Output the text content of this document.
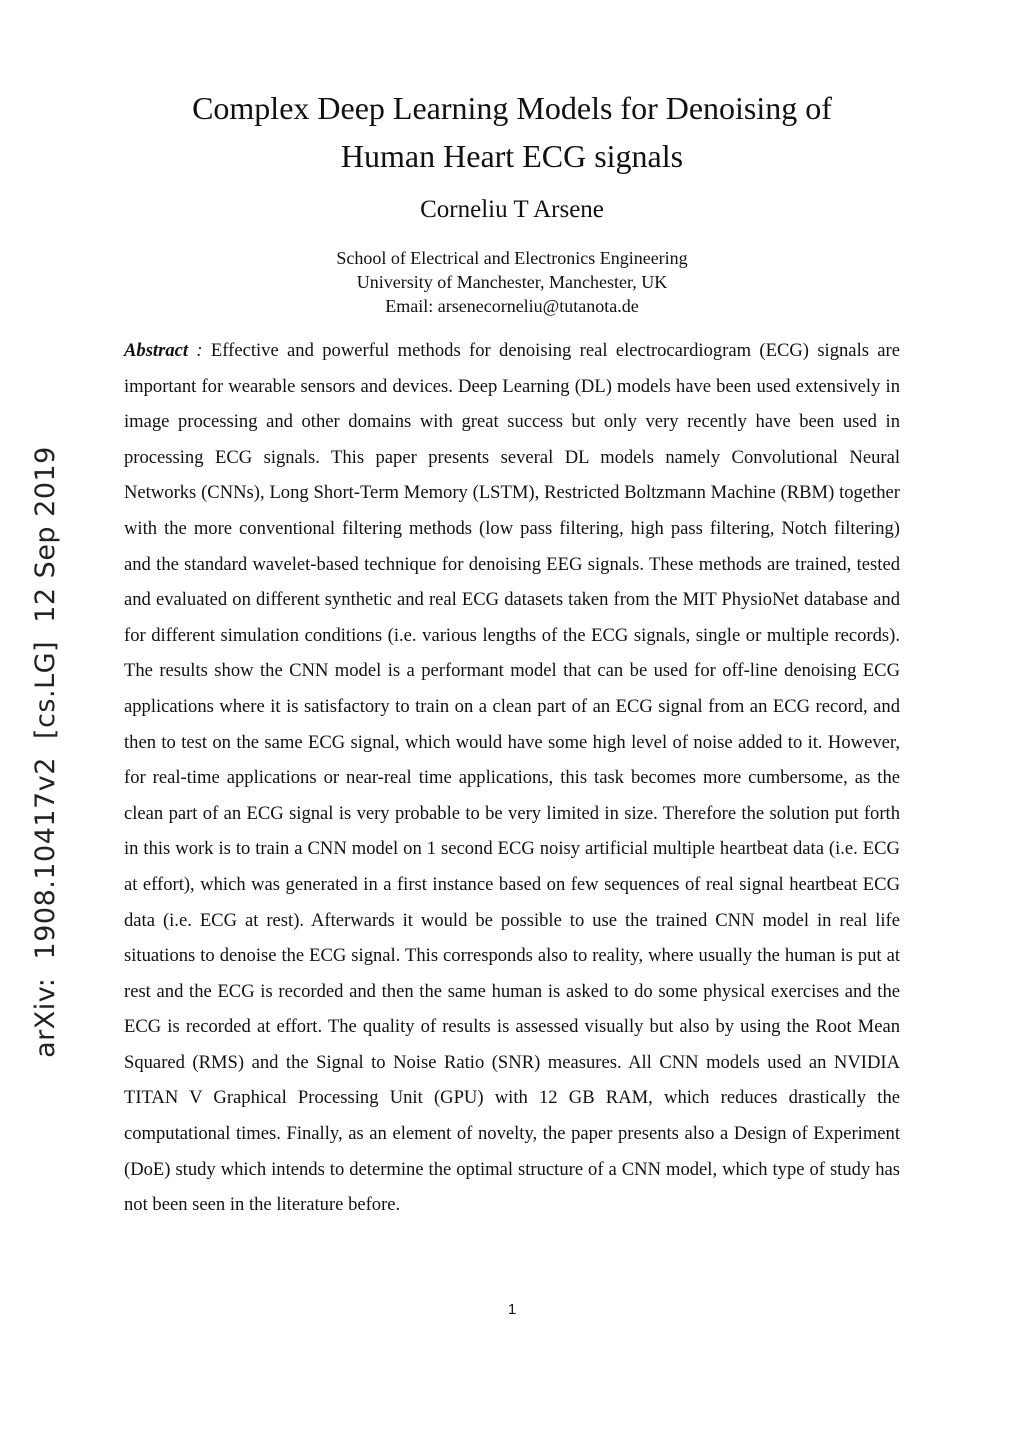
Complex Deep Learning Models for Denoising of
Human Heart ECG signals
Corneliu T Arsene
School of Electrical and Electronics Engineering
University of Manchester, Manchester, UK
Email: arsenecorneliu@tutanota.de

Abstract : Effective and powerful methods for denoising real electrocardiogram (ECG) signals are important for wearable sensors and devices. Deep Learning (DL) models have been used extensively in image processing and other domains with great success but only very recently have been used in processing ECG signals. This paper presents several DL models namely Convolutional Neural Networks (CNNs), Long Short-Term Memory (LSTM), Restricted Boltzmann Machine (RBM) together with the more conventional filtering methods (low pass filtering, high pass filtering, Notch filtering) and the standard wavelet-based technique for denoising EEG signals. These methods are trained, tested and evaluated on different synthetic and real ECG datasets taken from the MIT PhysioNet database and for different simulation conditions (i.e. various lengths of the ECG signals, single or multiple records). The results show the CNN model is a performant model that can be used for off-line denoising ECG applications where it is satisfactory to train on a clean part of an ECG signal from an ECG record, and then to test on the same ECG signal, which would have some high level of noise added to it. However, for real-time applications or near-real time applications, this task becomes more cumbersome, as the clean part of an ECG signal is very probable to be very limited in size. Therefore the solution put forth in this work is to train a CNN model on 1 second ECG noisy artificial multiple heartbeat data (i.e. ECG at effort), which was generated in a first instance based on few sequences of real signal heartbeat ECG data (i.e. ECG at rest). Afterwards it would be possible to use the trained CNN model in real life situations to denoise the ECG signal. This corresponds also to reality, where usually the human is put at rest and the ECG is recorded and then the same human is asked to do some physical exercises and the ECG is recorded at effort. The quality of results is assessed visually but also by using the Root Mean Squared (RMS) and the Signal to Noise Ratio (SNR) measures. All CNN models used an NVIDIA TITAN V Graphical Processing Unit (GPU) with 12 GB RAM, which reduces drastically the computational times. Finally, as an element of novelty, the paper presents also a Design of Experiment (DoE) study which intends to determine the optimal structure of a CNN model, which type of study has not been seen in the literature before.

1
arXiv:  1908.10417v2  [cs.LG]  12 Sep 2019
